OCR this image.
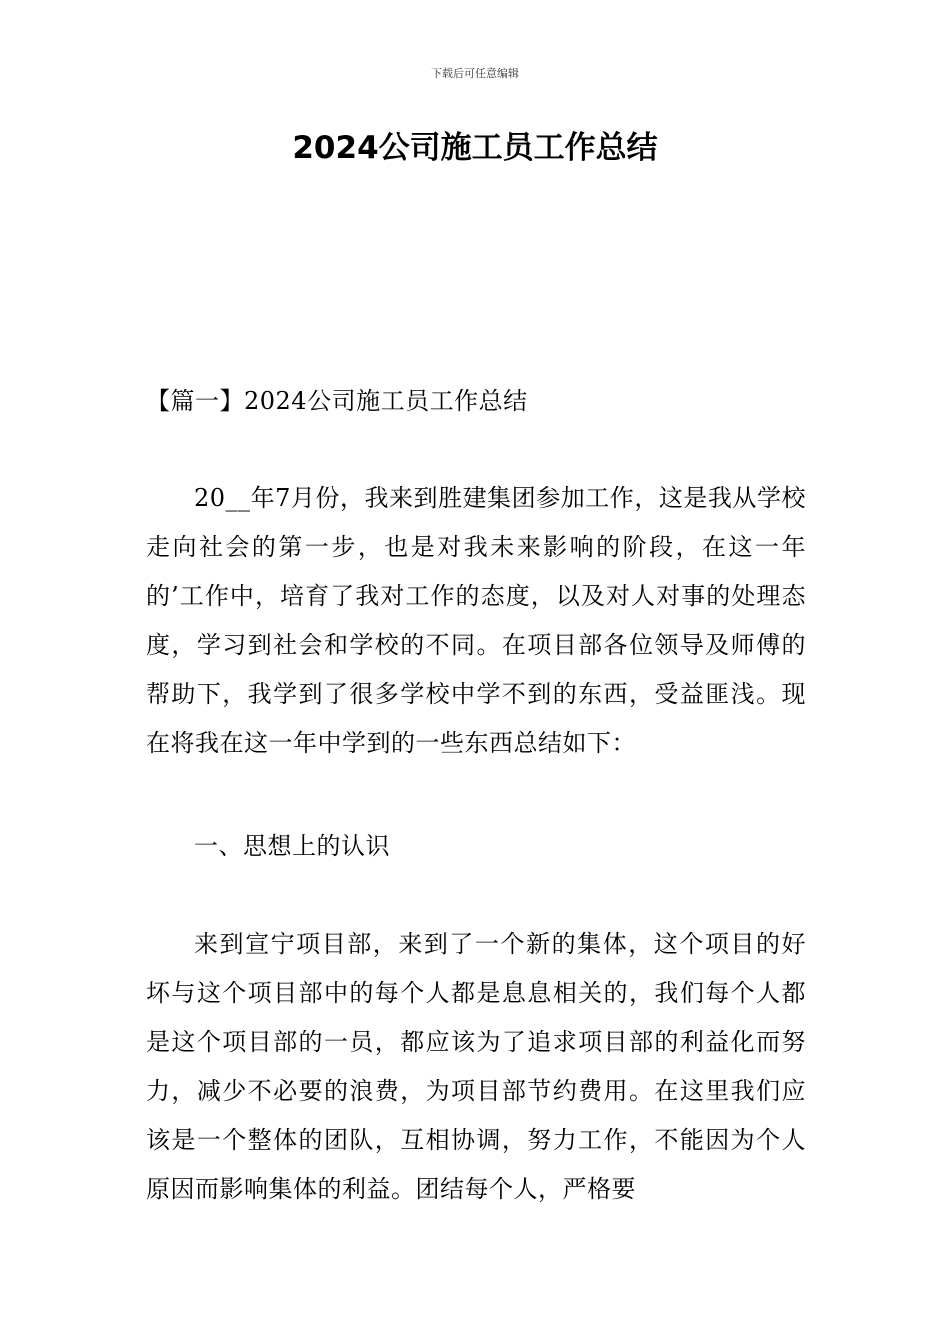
下载后可任意编辑
2024公司施工员工作总结

【篇一】2024公司施工员工作总结

20__年7月份，我来到胜建集团参加工作，这是我从学校走向社会的第一步，也是对我未来影响的阶段，在这一年的’工作中，培育了我对工作的态度，以及对人对事的处理态度，学习到社会和学校的不同。在项目部各位领导及师傅的帮助下，我学到了很多学校中学不到的东西，受益匪浅。现在将我在这一年中学到的一些东西总结如下：

一、思想上的认识

来到宣宁项目部，来到了一个新的集体，这个项目的好坏与这个项目部中的每个人都是息息相关的，我们每个人都是这个项目部的一员，都应该为了追求项目部的利益化而努力，减少不必要的浪费，为项目部节约费用。在这里我们应该是一个整体的团队，互相协调，努力工作，不能因为个人原因而影响集体的利益。团结每个人，严格要
